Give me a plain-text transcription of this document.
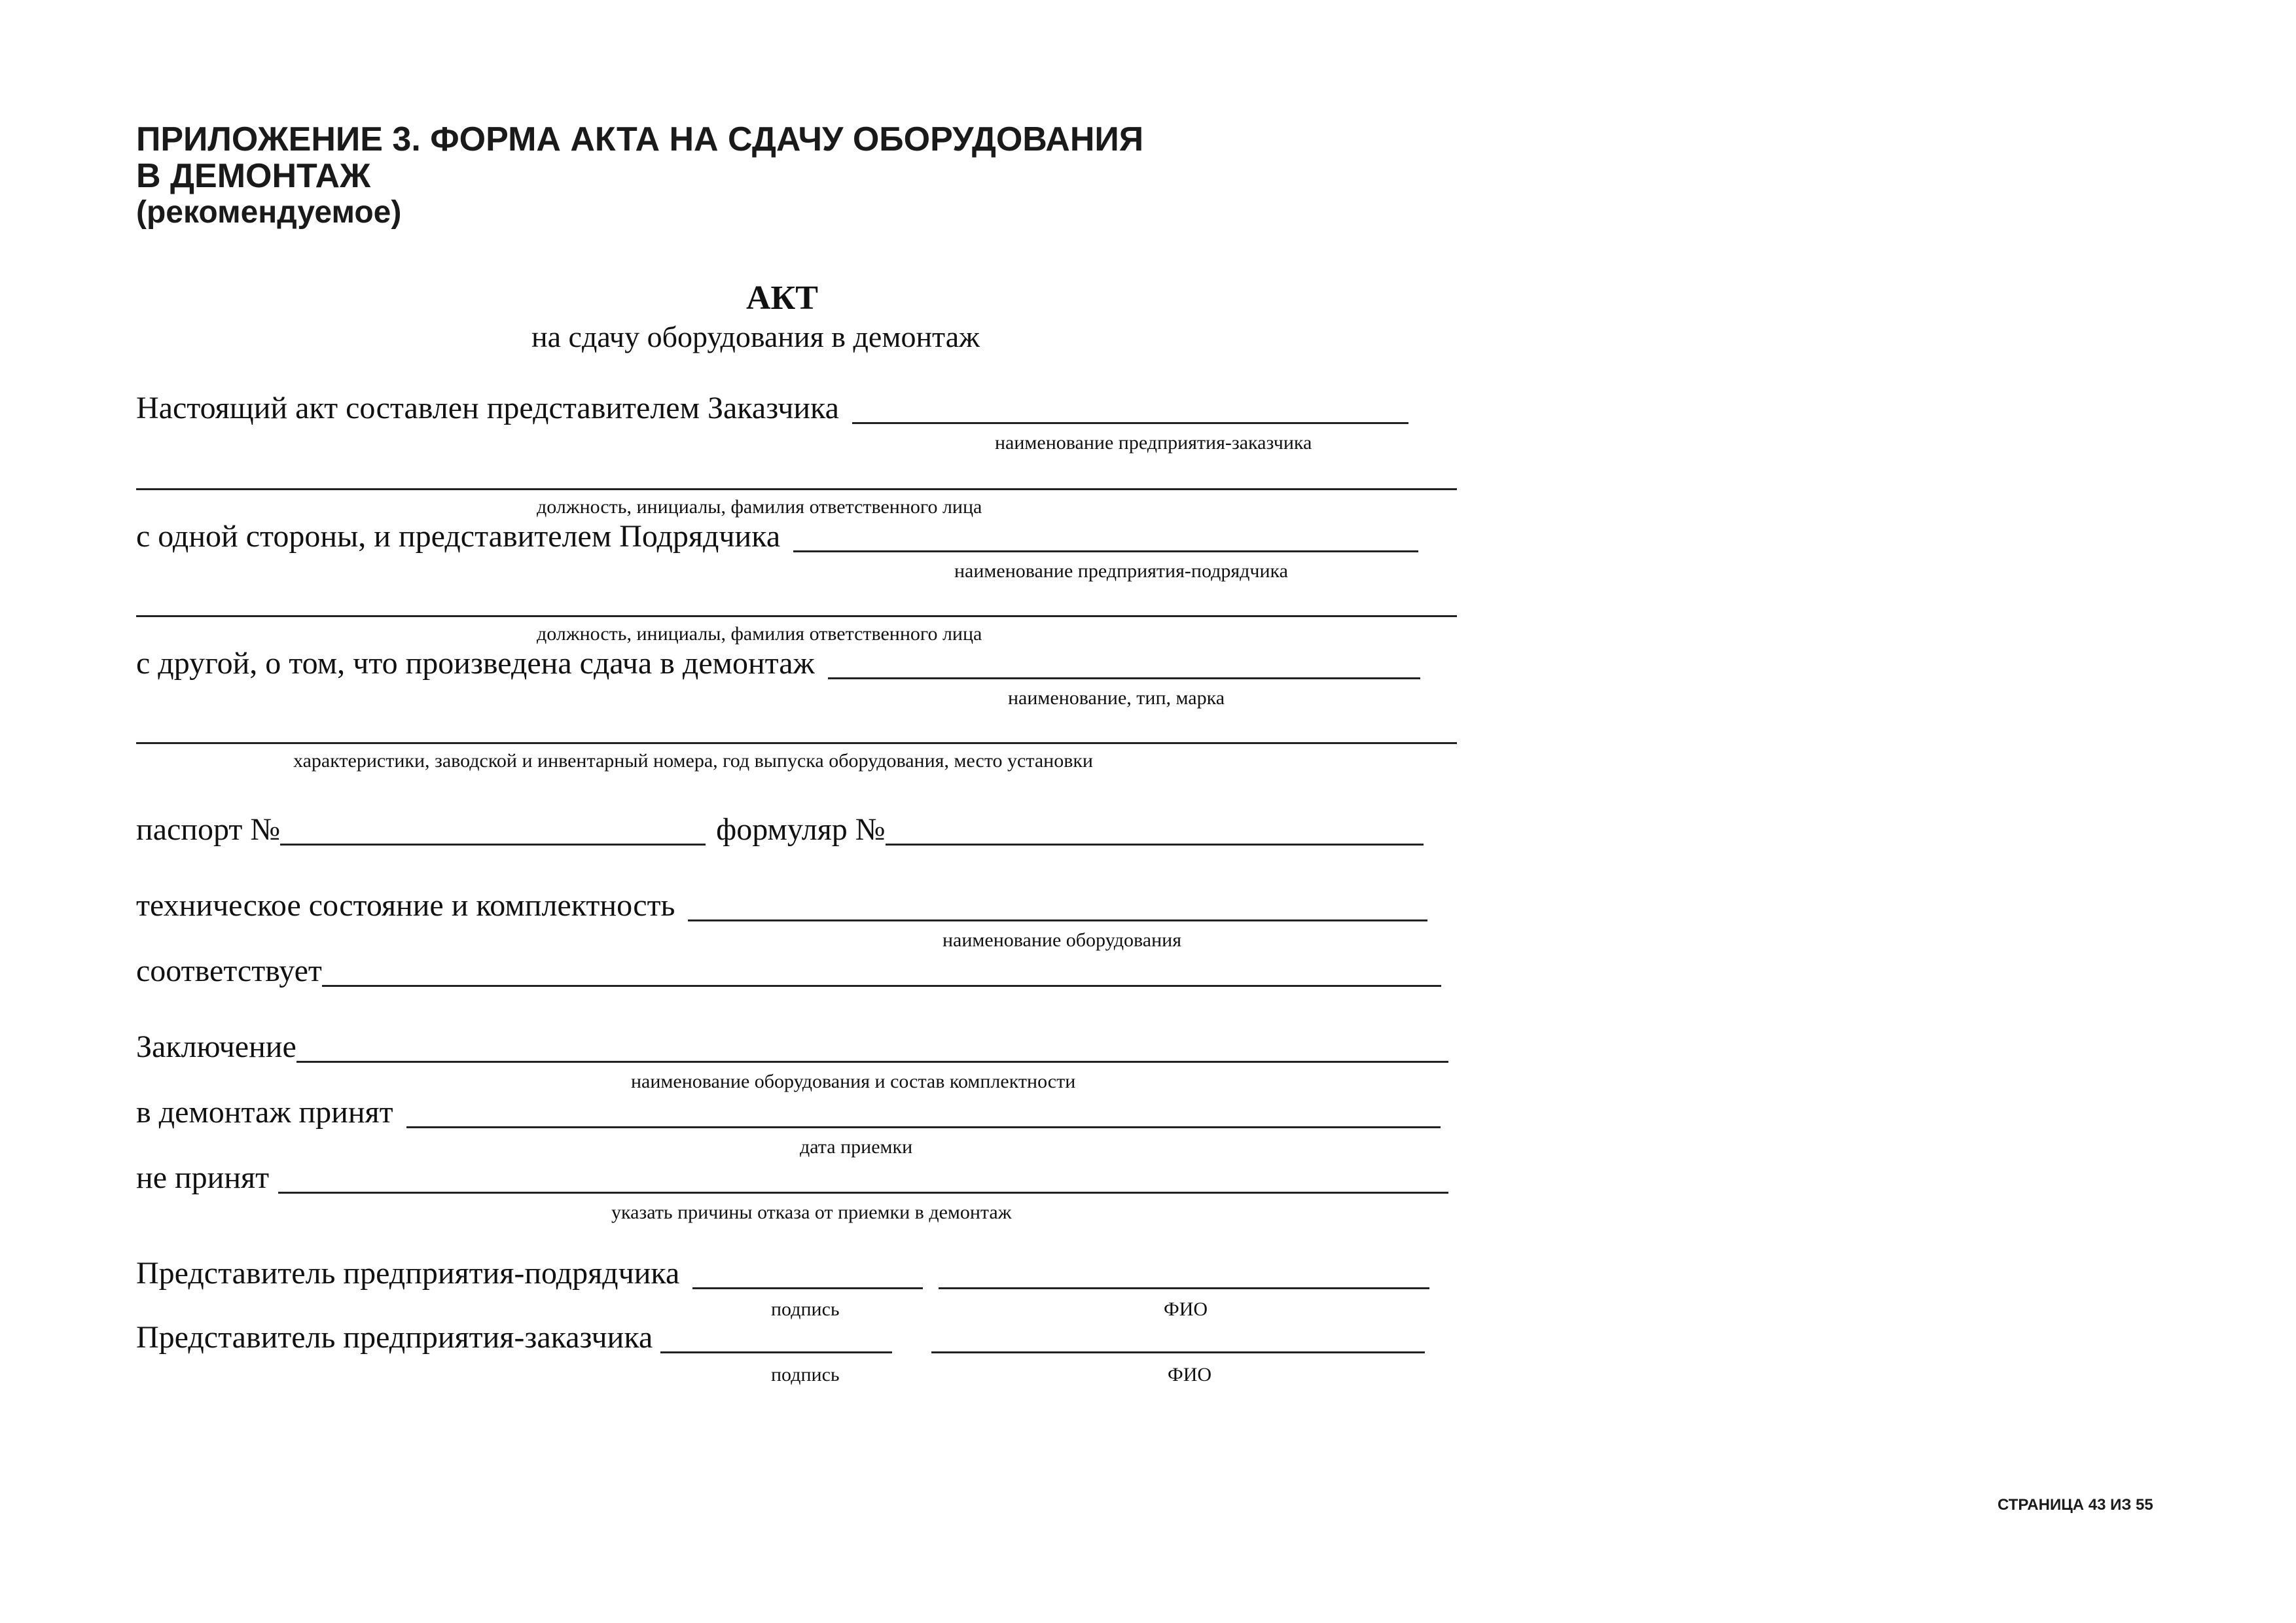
ПРИЛОЖЕНИЕ 3. ФОРМА АКТА НА СДАЧУ ОБОРУДОВАНИЯ
В ДЕМОНТАЖ
(рекомендуемое)
АКТ
на сдачу оборудования в демонтаж
Настоящий акт составлен представителем Заказчика
наименование предприятия-заказчика
должность, инициалы, фамилия ответственного лица
с одной стороны, и представителем Подрядчика
наименование предприятия-подрядчика
должность, инициалы, фамилия ответственного лица
с другой, о том, что произведена сдача в демонтаж
наименование, тип, марка
характеристики, заводской и инвентарный номера, год выпуска оборудования, место установки
паспорт №	формуляр №
техническое состояние и комплектность
наименование оборудования
соответствует
Заключение
наименование оборудования и состав комплектности
в демонтаж принят
дата приемки
не принят
указать причины отказа от приемки в демонтаж
Представитель предприятия-подрядчика
подпись	ФИО
Представитель предприятия-заказчика
подпись	ФИО
СТРАНИЦА 43 ИЗ 55
